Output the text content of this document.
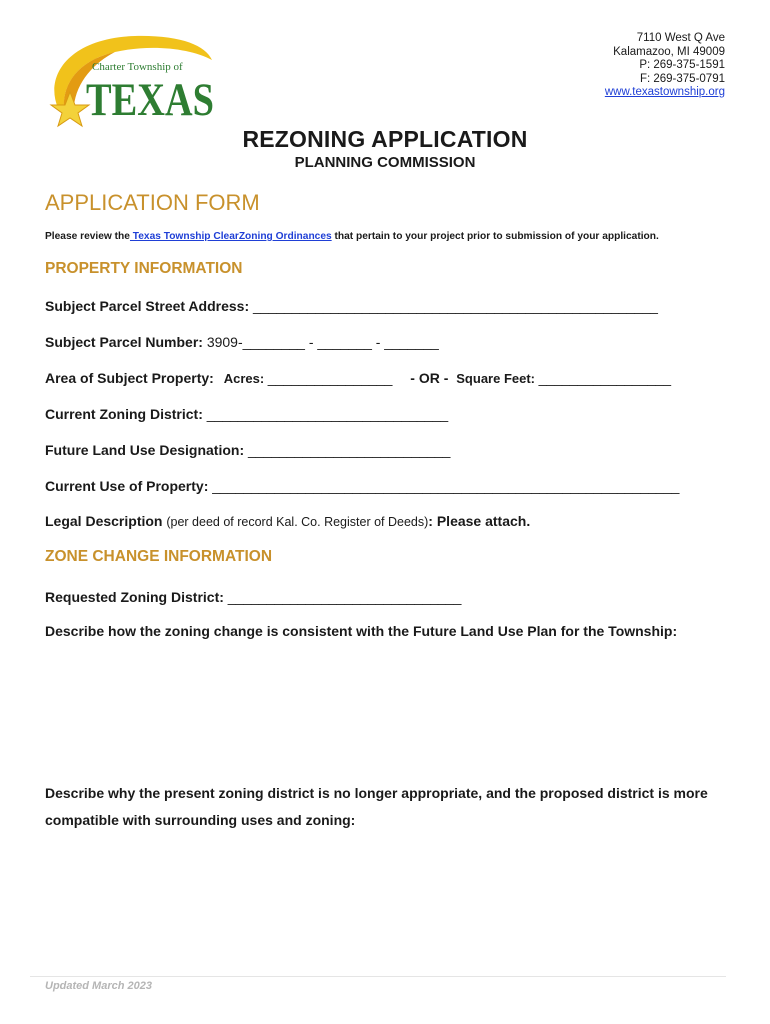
Charter Township of
TEXAS
7110 West Q Ave
Kalamazoo, MI 49009
P: 269-375-1591
F: 269-375-0791
www.texastownship.org
REZONING APPLICATION
PLANNING COMMISSION
APPLICATION FORM
Please review the Texas Township ClearZoning Ordinances that pertain to your project prior to submission of your application.
PROPERTY INFORMATION
Subject Parcel Street Address: ____________________________________________________
Subject Parcel Number: 3909-________ - _______ - _______
Area of Subject Property: Acres: ________________ - OR - Square Feet: _________________
Current Zoning District: _______________________________
Future Land Use Designation: __________________________
Current Use of Property: ____________________________________________________________
Legal Description (per deed of record Kal. Co. Register of Deeds): Please attach.
ZONE CHANGE INFORMATION
Requested Zoning District: ______________________________
Describe how the zoning change is consistent with the Future Land Use Plan for the Township:
Describe why the present zoning district is no longer appropriate, and the proposed district is more compatible with surrounding uses and zoning:
Updated March 2023
